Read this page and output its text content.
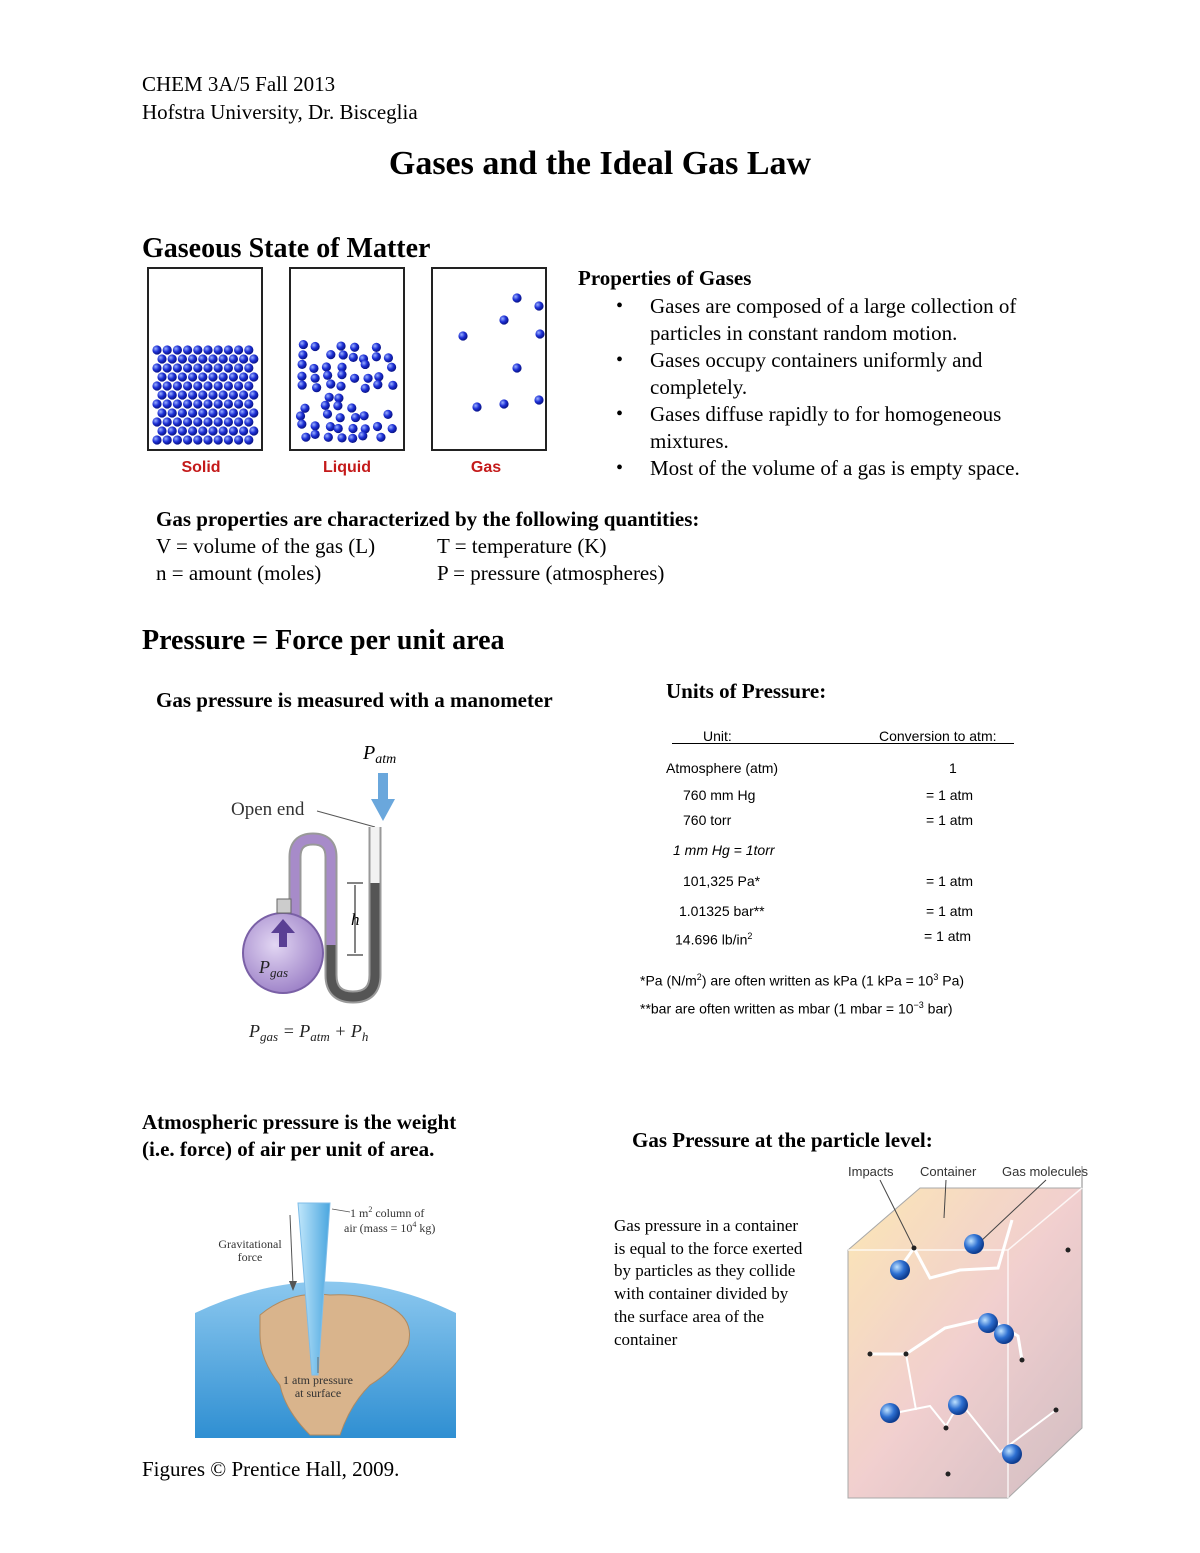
CHEM 3A/5 Fall 2013
Hofstra University, Dr. Bisceglia
Gases and the Ideal Gas Law
Gaseous State of Matter
Solid	Liquid	Gas
Properties of Gases
• Gases are composed of a large collection of
particles in constant random motion.
• Gases occupy containers uniformly and
completely.
• Gases diffuse rapidly to for homogeneous
mixtures.
• Most of the volume of a gas is empty space.
Gas properties are characterized by the following quantities:
V = volume of the gas (L)	T = temperature (K)
n = amount (moles)	P = pressure (atmospheres)
Pressure = Force per unit area
Gas pressure is measured with a manometer
$P_{atm}$
Open end
$P_{gas}$
h
$P_{gas} = P_{atm} + P_h$
Units of Pressure:
Unit:	Conversion to atm:
Atmosphere (atm)	1
760 mm Hg	= 1 atm
760 torr	= 1 atm
1 mm Hg = 1torr
101,325 Pa*	= 1 atm
1.01325 bar**	= 1 atm
14.696 $lb/in^2$	= 1 atm
*Pa $(N/m^2)$ are often written as kPa (1 kPa = $10^3$ Pa)
**bar are often written as mbar (1 mbar = $10^{-3}$ bar)
Atmospheric pressure is the weight
(i.e. force) of air per unit of area.
1 $m^2$ column of
air (mass = $10^4$ kg)
Gravitational
force
1 atm pressure
at surface
Figures © Prentice Hall, 2009.
Gas Pressure at the particle level:
Gas pressure in a container
is equal to the force exerted
by particles as they collide
with container divided by
the surface area of the
container
Impacts Container Gas molecules
